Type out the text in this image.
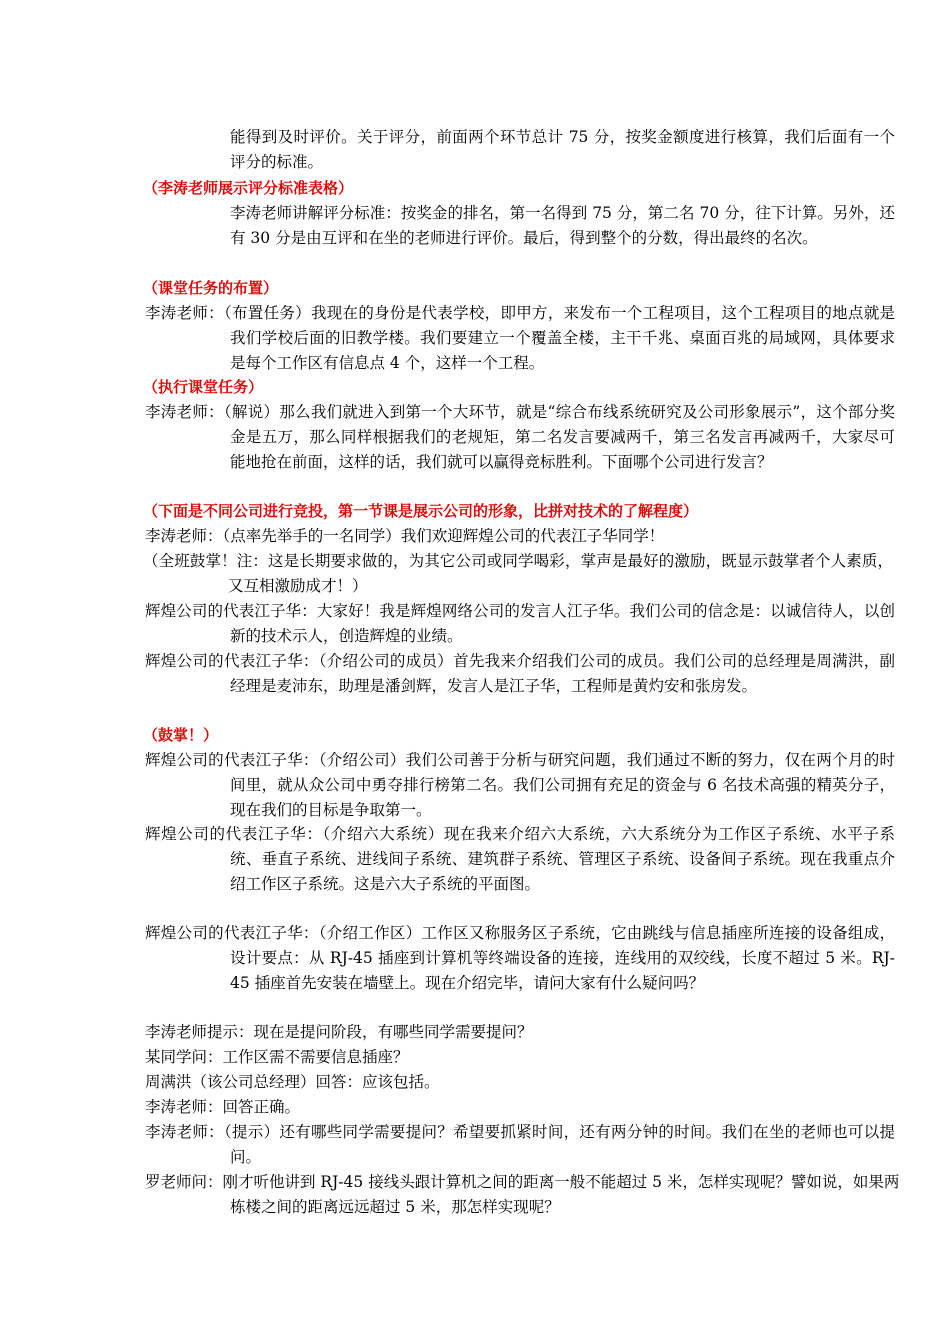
能得到及时评价。关于评分，前面两个环节总计 75 分，按奖金额度进行核算，我们后面有一个评分的标准。

（李涛老师展示评分标准表格）

李涛老师讲解评分标准：按奖金的排名，第一名得到 75 分，第二名 70 分，往下计算。另外，还有 30 分是由互评和在坐的老师进行评价。最后，得到整个的分数，得出最终的名次。

（课堂任务的布置）

李涛老师：（布置任务）我现在的身份是代表学校，即甲方，来发布一个工程项目，这个工程项目的地点就是我们学校后面的旧教学楼。我们要建立一个覆盖全楼，主干千兆、桌面百兆的局域网，具体要求是每个工作区有信息点 4 个，这样一个工程。

（执行课堂任务）

李涛老师：（解说）那么我们就进入到第一个大环节，就是“综合布线系统研究及公司形象展示”，这个部分奖金是五万，那么同样根据我们的老规矩，第二名发言要减两千，第三名发言再减两千，大家尽可能地抢在前面，这样的话，我们就可以赢得竞标胜利。下面哪个公司进行发言？

（下面是不同公司进行竞投，第一节课是展示公司的形象，比拼对技术的了解程度）

李涛老师：（点率先举手的一名同学）我们欢迎辉煌公司的代表江子华同学！

（全班鼓掌！注：这是长期要求做的，为其它公司或同学喝彩，掌声是最好的激励，既显示鼓掌者个人素质，又互相激励成才！）

辉煌公司的代表江子华：大家好！我是辉煌网络公司的发言人江子华。我们公司的信念是：以诚信待人，以创新的技术示人，创造辉煌的业绩。

辉煌公司的代表江子华：（介绍公司的成员）首先我来介绍我们公司的成员。我们公司的总经理是周满洪，副经理是麦沛东，助理是潘剑辉，发言人是江子华，工程师是黄灼安和张房发。

（鼓掌！）

辉煌公司的代表江子华：（介绍公司）我们公司善于分析与研究问题，我们通过不断的努力，仅在两个月的时间里，就从众公司中勇夺排行榜第二名。我们公司拥有充足的资金与 6 名技术高强的精英分子，现在我们的目标是争取第一。

辉煌公司的代表江子华：（介绍六大系统）现在我来介绍六大系统，六大系统分为工作区子系统、水平子系统、垂直子系统、进线间子系统、建筑群子系统、管理区子系统、设备间子系统。现在我重点介绍工作区子系统。这是六大子系统的平面图。

辉煌公司的代表江子华：（介绍工作区）工作区又称服务区子系统，它由跳线与信息插座所连接的设备组成，设计要点：从 RJ-45 插座到计算机等终端设备的连接，连线用的双绞线，长度不超过 5 米。RJ-45 插座首先安装在墙壁上。现在介绍完毕，请问大家有什么疑问吗？

李涛老师提示：现在是提问阶段，有哪些同学需要提问？

某同学问：工作区需不需要信息插座？

周满洪（该公司总经理）回答：应该包括。

李涛老师：回答正确。

李涛老师：（提示）还有哪些同学需要提问？希望要抓紧时间，还有两分钟的时间。我们在坐的老师也可以提问。

罗老师问：刚才听他讲到 RJ-45 接线头跟计算机之间的距离一般不能超过 5 米，怎样实现呢？譬如说，如果两栋楼之间的距离远远超过 5 米，那怎样实现呢？
